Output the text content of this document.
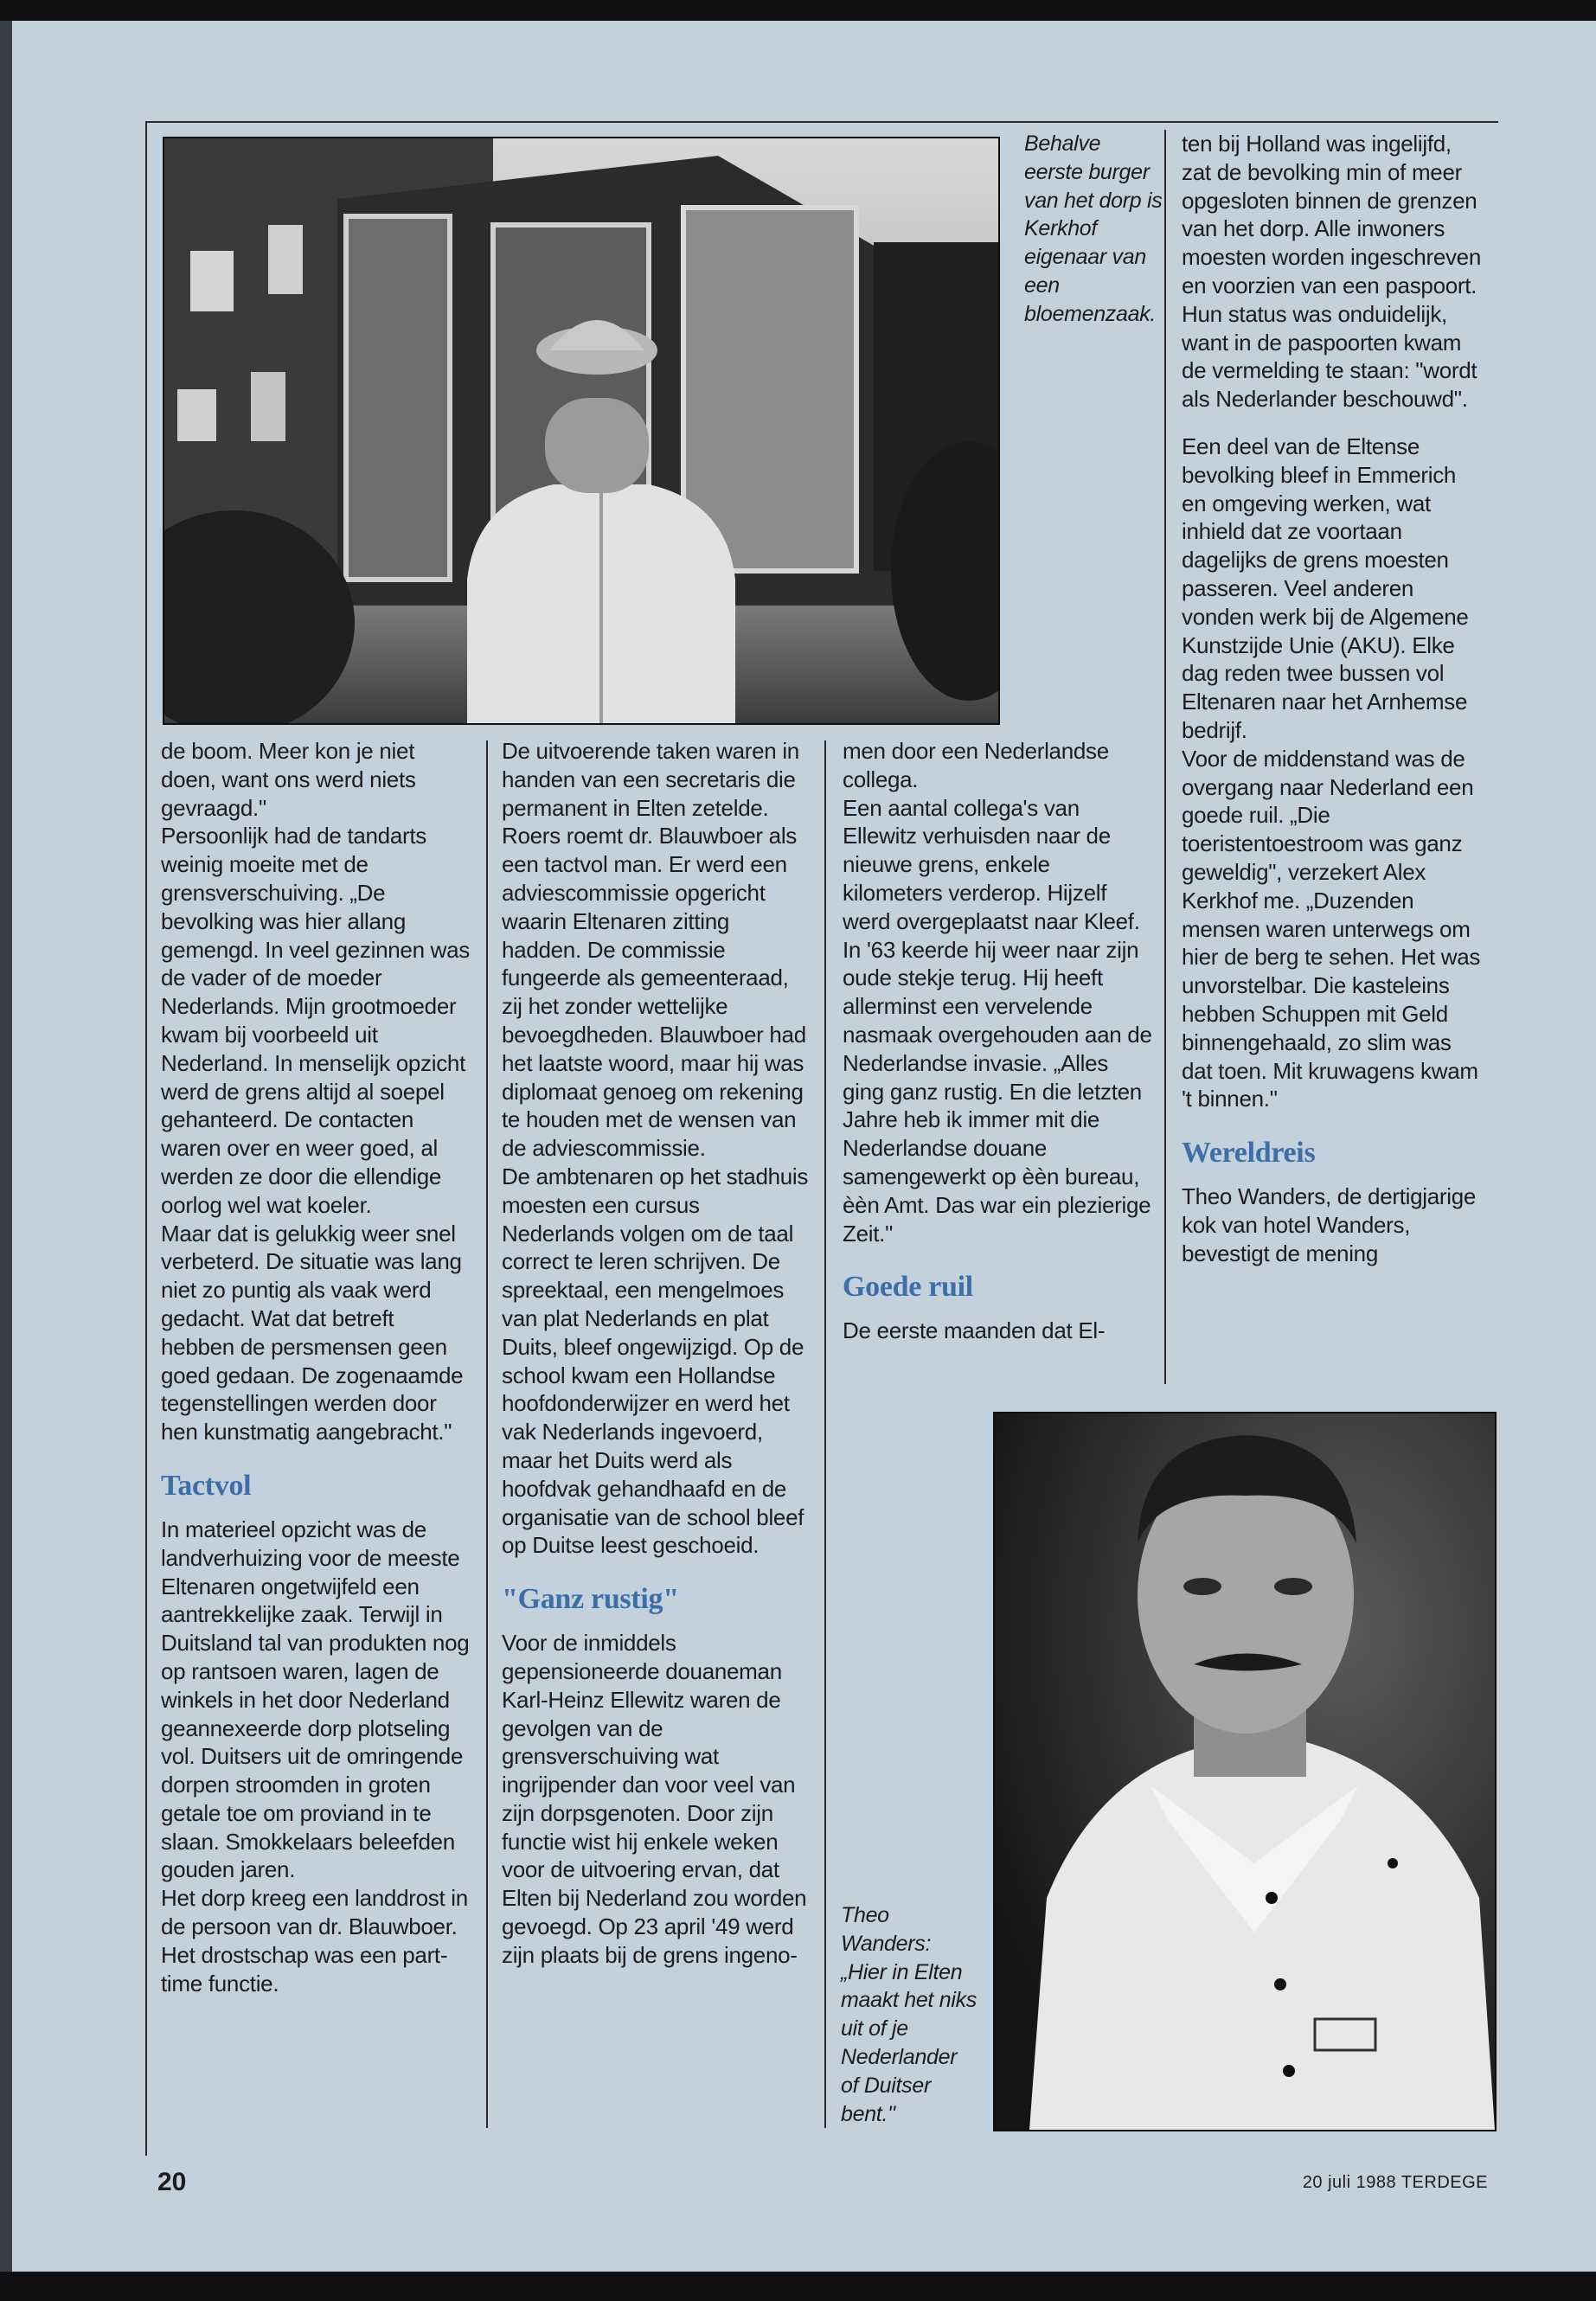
Behalve eerste burger van het dorp is Kerkhof eigenaar van een bloemenzaak.

ten bij Holland was ingelijfd, zat de bevolking min of meer opgesloten binnen de grenzen van het dorp. Alle inwoners moesten worden ingeschreven en voorzien van een paspoort. Hun status was onduidelijk, want in de paspoorten kwam de vermelding te staan: "wordt als Nederlander beschouwd".

Een deel van de Eltense bevolking bleef in Emmerich en omgeving werken, wat inhield dat ze voortaan dagelijks de grens moesten passeren. Veel anderen vonden werk bij de Algemene Kunstzijde Unie (AKU). Elke dag reden twee bussen vol Eltenaren naar het Arnhemse bedrijf.

Voor de middenstand was de overgang naar Nederland een goede ruil. „Die toeristentoestroom was ganz geweldig", verzekert Alex Kerkhof me. „Duzenden mensen waren unterwegs om hier de berg te sehen. Het was unvorstelbar. Die kasteleins hebben Schuppen mit Geld binnengehaald, zo slim was dat toen. Mit kruwagens kwam 't binnen."

Wereldreis

Theo Wanders, de dertigjarige kok van hotel Wanders, bevestigt de mening

de boom. Meer kon je niet doen, want ons werd niets gevraagd."

Persoonlijk had de tandarts weinig moeite met de grensverschuiving. „De bevolking was hier allang gemengd. In veel gezinnen was de vader of de moeder Nederlands. Mijn grootmoeder kwam bij voorbeeld uit Nederland. In menselijk opzicht werd de grens altijd al soepel gehanteerd. De contacten waren over en weer goed, al werden ze door die ellendige oorlog wel wat koeler.

Maar dat is gelukkig weer snel verbeterd. De situatie was lang niet zo puntig als vaak werd gedacht. Wat dat betreft hebben de persmensen geen goed gedaan. De zogenaamde tegenstellingen werden door hen kunstmatig aangebracht."

Tactvol

In materieel opzicht was de landverhuizing voor de meeste Eltenaren ongetwijfeld een aantrekkelijke zaak. Terwijl in Duitsland tal van produkten nog op rantsoen waren, lagen de winkels in het door Nederland geannexeerde dorp plotseling vol. Duitsers uit de omringende dorpen stroomden in groten getale toe om proviand in te slaan. Smokkelaars beleefden gouden jaren.

Het dorp kreeg een landdrost in de persoon van dr. Blauwboer. Het drostschap was een part-time functie.

De uitvoerende taken waren in handen van een secretaris die permanent in Elten zetelde. Roers roemt dr. Blauwboer als een tactvol man. Er werd een adviescommissie opgericht waarin Eltenaren zitting hadden. De commissie fungeerde als gemeenteraad, zij het zonder wettelijke bevoegdheden. Blauwboer had het laatste woord, maar hij was diplomaat genoeg om rekening te houden met de wensen van de adviescommissie.

De ambtenaren op het stadhuis moesten een cursus Nederlands volgen om de taal correct te leren schrijven. De spreektaal, een mengelmoes van plat Nederlands en plat Duits, bleef ongewijzigd. Op de school kwam een Hollandse hoofdonderwijzer en werd het vak Nederlands ingevoerd, maar het Duits werd als hoofdvak gehandhaafd en de organisatie van de school bleef op Duitse leest geschoeid.

"Ganz rustig"

Voor de inmiddels gepensioneerde douaneman Karl-Heinz Ellewitz waren de gevolgen van de grensverschuiving wat ingrijpender dan voor veel van zijn dorpsgenoten. Door zijn functie wist hij enkele weken voor de uitvoering ervan, dat Elten bij Nederland zou worden gevoegd. Op 23 april '49 werd zijn plaats bij de grens ingeno-

men door een Nederlandse collega.

Een aantal collega's van Ellewitz verhuisden naar de nieuwe grens, enkele kilometers verderop. Hijzelf werd overgeplaatst naar Kleef. In '63 keerde hij weer naar zijn oude stekje terug. Hij heeft allerminst een vervelende nasmaak overgehouden aan de Nederlandse invasie. „Alles ging ganz rustig. En die letzten Jahre heb ik immer mit die Nederlandse douane samengewerkt op èèn bureau, èèn Amt. Das war ein plezierige Zeit."

Goede ruil

De eerste maanden dat El-

Theo Wanders: „Hier in Elten maakt het niks uit of je Nederlander of Duitser bent."
20	20 juli 1988 TERDEGE
